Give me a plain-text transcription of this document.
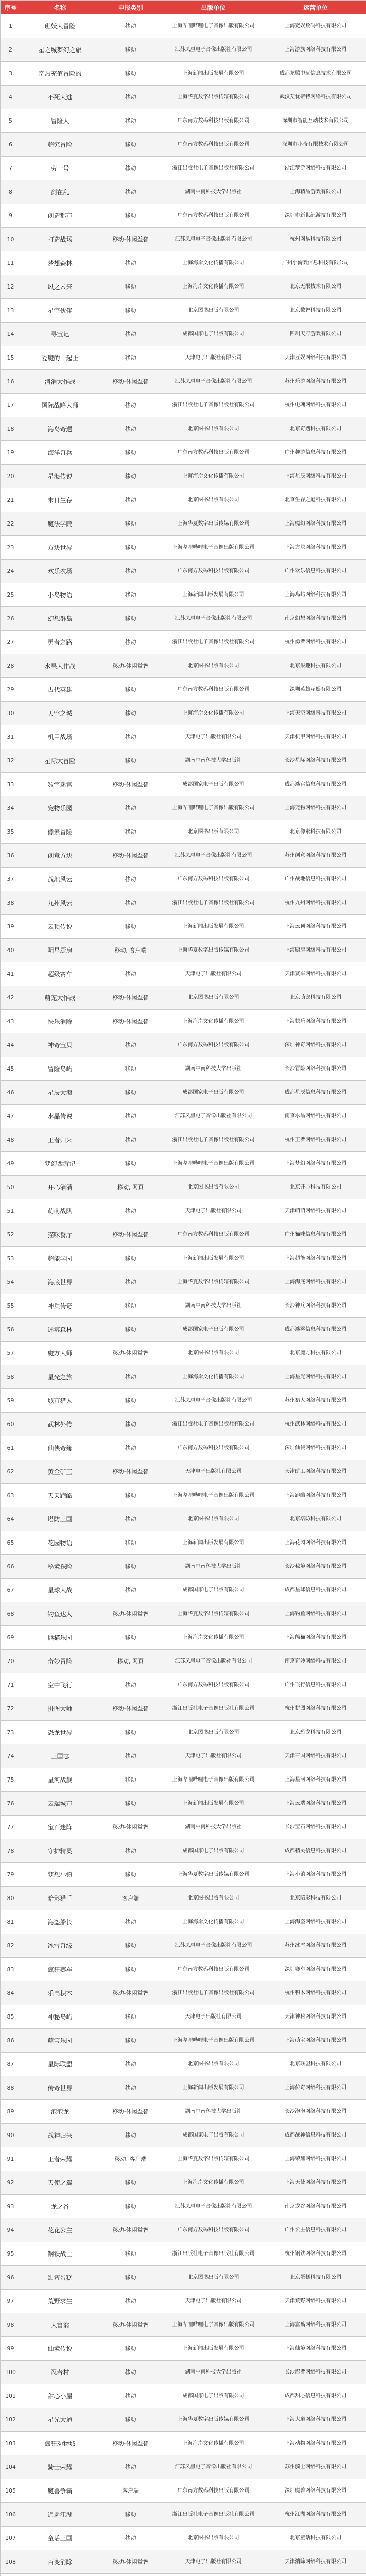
序号	名称	申报类别	出版单位	运营单位
1	班妖大冒险	移动	上海哔哩哔哩电子音像出版有限公司	上海宽娱数码科技有限公司
2	星之城梦幻之旅	移动	江苏凤凰电子音像出版社有限公司	上海游族网络科技有限公司
3	奇热充值冒险的	移动	上海新闻出版发展有限公司	成都龙腾中远信息技术有限公司
4	不死大逃	移动	上海华夏数字出版传媒有限公司	武汉艾优帝特网络科技有限公司
5	冒险人	移动	广东南方数码科技出版有限公司	深圳市智能互动技术有限公司
6	超究冒险	移动	广东南方数码科技出版有限公司	深圳市小奇有限技术有限公司
7	劳一号	移动	浙江出版社电子音像出版社有限公司	浙江梦游网络科技有限公司
8	剑在乱	移动	湖南中南科技大学出版社	上海精品游戏有限公司
9	创造都市	移动	广东南方数码科技出版有限公司	深圳市新世纪游技有限公司
10	打造战场	移动-休闲益智	江苏凤凰电子音像出版社有限公司	杭州网易科技有限公司
11	梦想森林	移动	上海海岸文化传播有限公司	广州小游戏信息科技有限公司
12	风之未来	移动	上海海岸文化传播有限公司	北京无限技术有限公司
13	星空伙伴	移动	北京图书出版有限公司	北京数智科技有限公司
14	寻宝记	移动	成都国家电子出版有限公司	四川天府游戏有限公司
15	爱魔的一起上	移动	天津电子出版社有限公司	天津互娱网络科技有限公司
16	消消大作战	移动-休闲益智	江苏凤凰电子音像出版社有限公司	苏州乐游网络科技有限公司
17	国际战略大师	移动	浙江出版社电子音像出版社有限公司	杭州电魂网络科技有限公司
18	海岛奇遇	移动	北京图书出版有限公司	北京奇遇科技有限公司
19	海洋奇兵	移动	广东南方数码科技出版有限公司	广州趣游信息科技有限公司
20	星海传说	移动	上海海岸文化传播有限公司	上海星辰网络科技有限公司
21	末日生存	移动	北京图书出版有限公司	北京生存之道科技有限公司
22	魔法学院	移动	上海华夏数字出版传媒有限公司	上海魔幻网络科技有限公司
23	方块世界	移动	上海哔哩哔哩电子音像出版有限公司	上海方块网络科技有限公司
24	欢乐农场	移动	广东南方数码科技出版有限公司	广州欢乐信息科技有限公司
25	小岛物语	移动	上海新闻出版发展有限公司	上海岛屿网络科技有限公司
26	幻想群岛	移动	江苏凤凰电子音像出版社有限公司	南京幻想网络科技有限公司
27	勇者之路	移动	浙江出版社电子音像出版社有限公司	杭州勇者网络科技有限公司
28	水果大作战	移动-休闲益智	北京图书出版有限公司	北京果趣科技有限公司
29	古代英雄	移动	广东南方数码科技出版有限公司	深圳英雄互娱有限公司
30	天空之城	移动	上海海岸文化传播有限公司	上海天空网络科技有限公司
31	机甲战场	移动	天津电子出版社有限公司	天津机甲网络科技有限公司
32	星际大冒险	移动	湖南中南科技大学出版社	长沙星际网络科技有限公司
33	数字迷宫	移动-休闲益智	成都国家电子出版有限公司	成都迷宫信息科技有限公司
34	宠物乐园	移动	上海哔哩哔哩电子音像出版有限公司	上海宠物网络科技有限公司
35	像素冒险	移动	北京图书出版有限公司	北京像素科技有限公司
36	创意方块	移动-休闲益智	江苏凤凰电子音像出版社有限公司	苏州创意网络科技有限公司
37	战地风云	移动	广东南方数码科技出版有限公司	广州战地信息科技有限公司
38	九州风云	移动	浙江出版社电子音像出版社有限公司	杭州九州网络科技有限公司
39	云顶传说	移动	上海新闻出版发展有限公司	上海云顶网络科技有限公司
40	明星厨房	移动, 客户端	上海华夏数字出版传媒有限公司	上海厨房网络科技有限公司
41	超级赛车	移动	天津电子出版社有限公司	天津赛车网络科技有限公司
42	萌宠大作战	移动-休闲益智	北京图书出版有限公司	北京萌宠科技有限公司
43	快乐消除	移动-休闲益智	上海海岸文化传播有限公司	上海快乐网络科技有限公司
44	神奇宝贝	移动	广东南方数码科技出版有限公司	深圳神奇网络科技有限公司
45	冒险岛屿	移动	湖南中南科技大学出版社	长沙冒险网络科技有限公司
46	星辰大海	移动	成都国家电子出版有限公司	成都星辰信息科技有限公司
47	水晶传说	移动	江苏凤凰电子音像出版社有限公司	南京水晶网络科技有限公司
48	王者归来	移动	浙江出版社电子音像出版社有限公司	杭州王者网络科技有限公司
49	梦幻西游记	移动	上海哔哩哔哩电子音像出版有限公司	上海梦幻网络科技有限公司
50	开心消消	移动, 网页	北京图书出版有限公司	北京开心科技有限公司
51	萌萌战队	移动	天津电子出版社有限公司	天津萌萌网络科技有限公司
52	猫咪餐厅	移动-休闲益智	广东南方数码科技出版有限公司	广州猫咪信息科技有限公司
53	超能学园	移动	上海新闻出版发展有限公司	上海超能网络科技有限公司
54	海底世界	移动	上海华夏数字出版传媒有限公司	上海海底网络科技有限公司
55	神兵传奇	移动	湖南中南科技大学出版社	长沙神兵网络科技有限公司
56	迷雾森林	移动	成都国家电子出版有限公司	成都迷雾信息科技有限公司
57	魔方大师	移动-休闲益智	北京图书出版有限公司	北京魔方科技有限公司
58	星光之旅	移动	上海海岸文化传播有限公司	上海星光网络科技有限公司
59	城市猎人	移动	江苏凤凰电子音像出版社有限公司	苏州猎人网络科技有限公司
60	武林外传	移动	浙江出版社电子音像出版社有限公司	杭州武林网络科技有限公司
61	仙侠奇缘	移动	广东南方数码科技出版有限公司	深圳仙侠网络科技有限公司
62	黄金矿工	移动-休闲益智	天津电子出版社有限公司	天津矿工网络科技有限公司
63	天天跑酷	移动	上海哔哩哔哩电子音像出版有限公司	上海跑酷网络科技有限公司
64	塔防三国	移动	北京图书出版有限公司	北京塔防科技有限公司
65	花园物语	移动	上海新闻出版发展有限公司	上海花园网络科技有限公司
66	秘境探险	移动	湖南中南科技大学出版社	长沙秘境网络科技有限公司
67	星球大战	移动	成都国家电子出版有限公司	成都星球信息科技有限公司
68	钓鱼达人	移动-休闲益智	上海华夏数字出版传媒有限公司	上海钓鱼网络科技有限公司
69	熊猫乐园	移动	上海海岸文化传播有限公司	上海熊猫网络科技有限公司
70	奇妙冒险	移动, 网页	江苏凤凰电子音像出版社有限公司	南京奇妙网络科技有限公司
71	空中飞行	移动	广东南方数码科技出版有限公司	广州飞行信息科技有限公司
72	拼图大师	移动-休闲益智	浙江出版社电子音像出版社有限公司	杭州拼图网络科技有限公司
73	恐龙世界	移动	北京图书出版有限公司	北京恐龙科技有限公司
74	三国志	移动	天津电子出版社有限公司	天津三国网络科技有限公司
75	星河战舰	移动	上海哔哩哔哩电子音像出版有限公司	上海星河网络科技有限公司
76	云端城市	移动	上海新闻出版发展有限公司	上海云端网络科技有限公司
77	宝石迷阵	移动-休闲益智	湖南中南科技大学出版社	长沙宝石网络科技有限公司
78	守护精灵	移动	成都国家电子出版有限公司	成都精灵信息科技有限公司
79	梦想小镇	移动	上海华夏数字出版传媒有限公司	上海小镇网络科技有限公司
80	暗影猎手	客户端	北京图书出版有限公司	北京暗影科技有限公司
81	海盗船长	移动	上海海岸文化传播有限公司	上海海盗网络科技有限公司
82	冰雪奇缘	移动	江苏凤凰电子音像出版社有限公司	苏州冰雪网络科技有限公司
83	疯狂赛车	移动	广东南方数码科技出版有限公司	深圳赛车网络科技有限公司
84	乐高积木	移动-休闲益智	浙江出版社电子音像出版社有限公司	杭州积木网络科技有限公司
85	神秘岛屿	移动	天津电子出版社有限公司	天津神秘网络科技有限公司
86	萌宝乐园	移动	上海哔哩哔哩电子音像出版有限公司	上海萌宝网络科技有限公司
87	星际联盟	移动	北京图书出版有限公司	北京联盟科技有限公司
88	传奇世界	移动	上海新闻出版发展有限公司	上海传奇网络科技有限公司
89	泡泡龙	移动-休闲益智	湖南中南科技大学出版社	长沙泡泡网络科技有限公司
90	战神归来	移动	成都国家电子出版有限公司	成都战神信息科技有限公司
91	王者荣耀	移动, 客户端	上海华夏数字出版传媒有限公司	上海荣耀网络科技有限公司
92	天使之翼	移动	上海海岸文化传播有限公司	上海天使网络科技有限公司
93	龙之谷	移动	江苏凤凰电子音像出版社有限公司	南京龙谷网络科技有限公司
94	花花公主	移动-休闲益智	广东南方数码科技出版有限公司	广州公主信息科技有限公司
95	钢铁战士	移动	浙江出版社电子音像出版社有限公司	杭州钢铁网络科技有限公司
96	甜蜜蛋糕	移动	北京图书出版有限公司	北京蛋糕科技有限公司
97	荒野求生	移动	天津电子出版社有限公司	天津荒野网络科技有限公司
98	大富翁	移动-休闲益智	上海哔哩哔哩电子音像出版有限公司	上海富翁网络科技有限公司
99	仙境传说	移动	上海新闻出版发展有限公司	上海仙境网络科技有限公司
100	忍者村	移动	湖南中南科技大学出版社	长沙忍者网络科技有限公司
101	甜心小屋	移动	成都国家电子出版有限公司	成都甜心信息科技有限公司
102	星光大道	移动	上海华夏数字出版传媒有限公司	上海大道网络科技有限公司
103	疯狂动物城	移动-休闲益智	上海海岸文化传播有限公司	上海动物网络科技有限公司
104	骑士荣耀	移动	江苏凤凰电子音像出版社有限公司	苏州骑士网络科技有限公司
105	魔兽争霸	客户端	广东南方数码科技出版有限公司	深圳魔兽网络科技有限公司
106	逍遥江湖	移动	浙江出版社电子音像出版社有限公司	杭州江湖网络科技有限公司
107	童话王国	移动	北京图书出版有限公司	北京童话科技有限公司
108	百变消除	移动-休闲益智	天津电子出版社有限公司	天津消除网络科技有限公司
